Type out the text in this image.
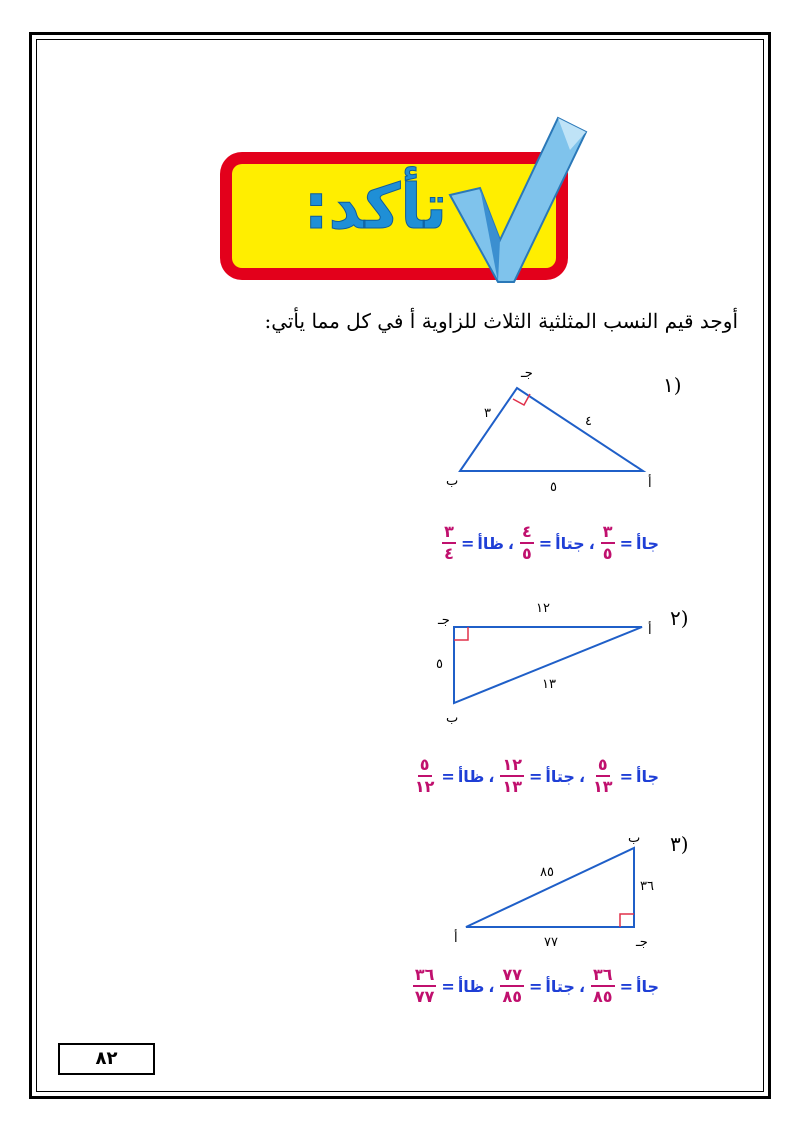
تأكد:
أوجد قيم النسب المثلثية الثلاث للزاوية أ في كل مما يأتي:
(١
جـ
أ
ب
٤
٣
٥
جاأ
=
$\frac{٣}{٥}$
،
جتاأ
=
$\frac{٤}{٥}$
،
ظاأ
=
$\frac{٣}{٤}$
(٢
جـ
أ
ب
١٢
٥
١٣
جاأ
=
$\frac{٥}{١٣}$
،
جتاأ
=
$\frac{١٢}{١٣}$
،
ظاأ
=
$\frac{٥}{١٢}$
(٣
ب
جـ
أ
٨٥
٣٦
٧٧
جاأ
=
$\frac{٣٦}{٨٥}$
،
جتاأ
=
$\frac{٧٧}{٨٥}$
،
ظاأ
=
$\frac{٣٦}{٧٧}$
٨٢
